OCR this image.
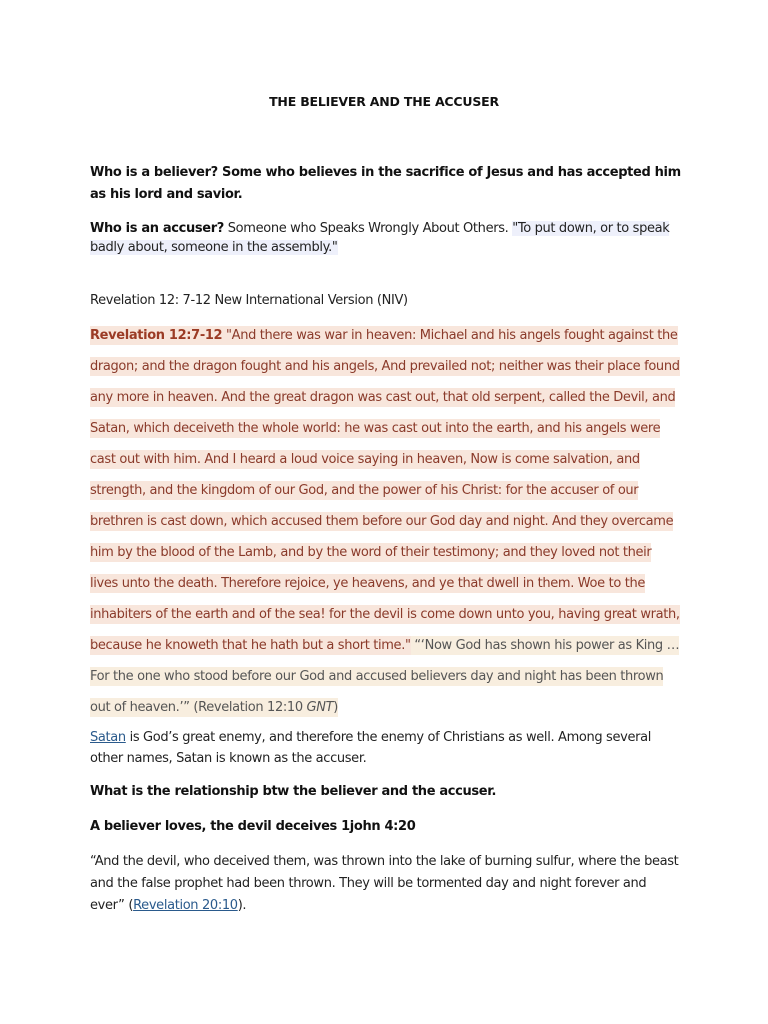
THE BELIEVER AND THE ACCUSER
Who is a believer? Some who believes in the sacrifice of Jesus and has accepted him as his lord and savior.
Who is an accuser? Someone who Speaks Wrongly About Others. "To put down, or to speak badly about, someone in the assembly."
Revelation 12: 7-12 New International Version (NIV)
Revelation 12:7-12 "And there was war in heaven: Michael and his angels fought against the dragon; and the dragon fought and his angels, And prevailed not; neither was their place found any more in heaven. And the great dragon was cast out, that old serpent, called the Devil, and Satan, which deceiveth the whole world: he was cast out into the earth, and his angels were cast out with him. And I heard a loud voice saying in heaven, Now is come salvation, and strength, and the kingdom of our God, and the power of his Christ: for the accuser of our brethren is cast down, which accused them before our God day and night. And they overcame him by the blood of the Lamb, and by the word of their testimony; and they loved not their lives unto the death. Therefore rejoice, ye heavens, and ye that dwell in them. Woe to the inhabiters of the earth and of the sea! for the devil is come down unto you, having great wrath, because he knoweth that he hath but a short time." “‘Now God has shown his power as King … For the one who stood before our God and accused believers day and night has been thrown out of heaven.’” (Revelation 12:10 GNT)
Satan is God’s great enemy, and therefore the enemy of Christians as well. Among several other names, Satan is known as the accuser.
What is the relationship btw the believer and the accuser.
A believer loves, the devil deceives 1john 4:20
“And the devil, who deceived them, was thrown into the lake of burning sulfur, where the beast and the false prophet had been thrown. They will be tormented day and night forever and ever” (Revelation 20:10).
